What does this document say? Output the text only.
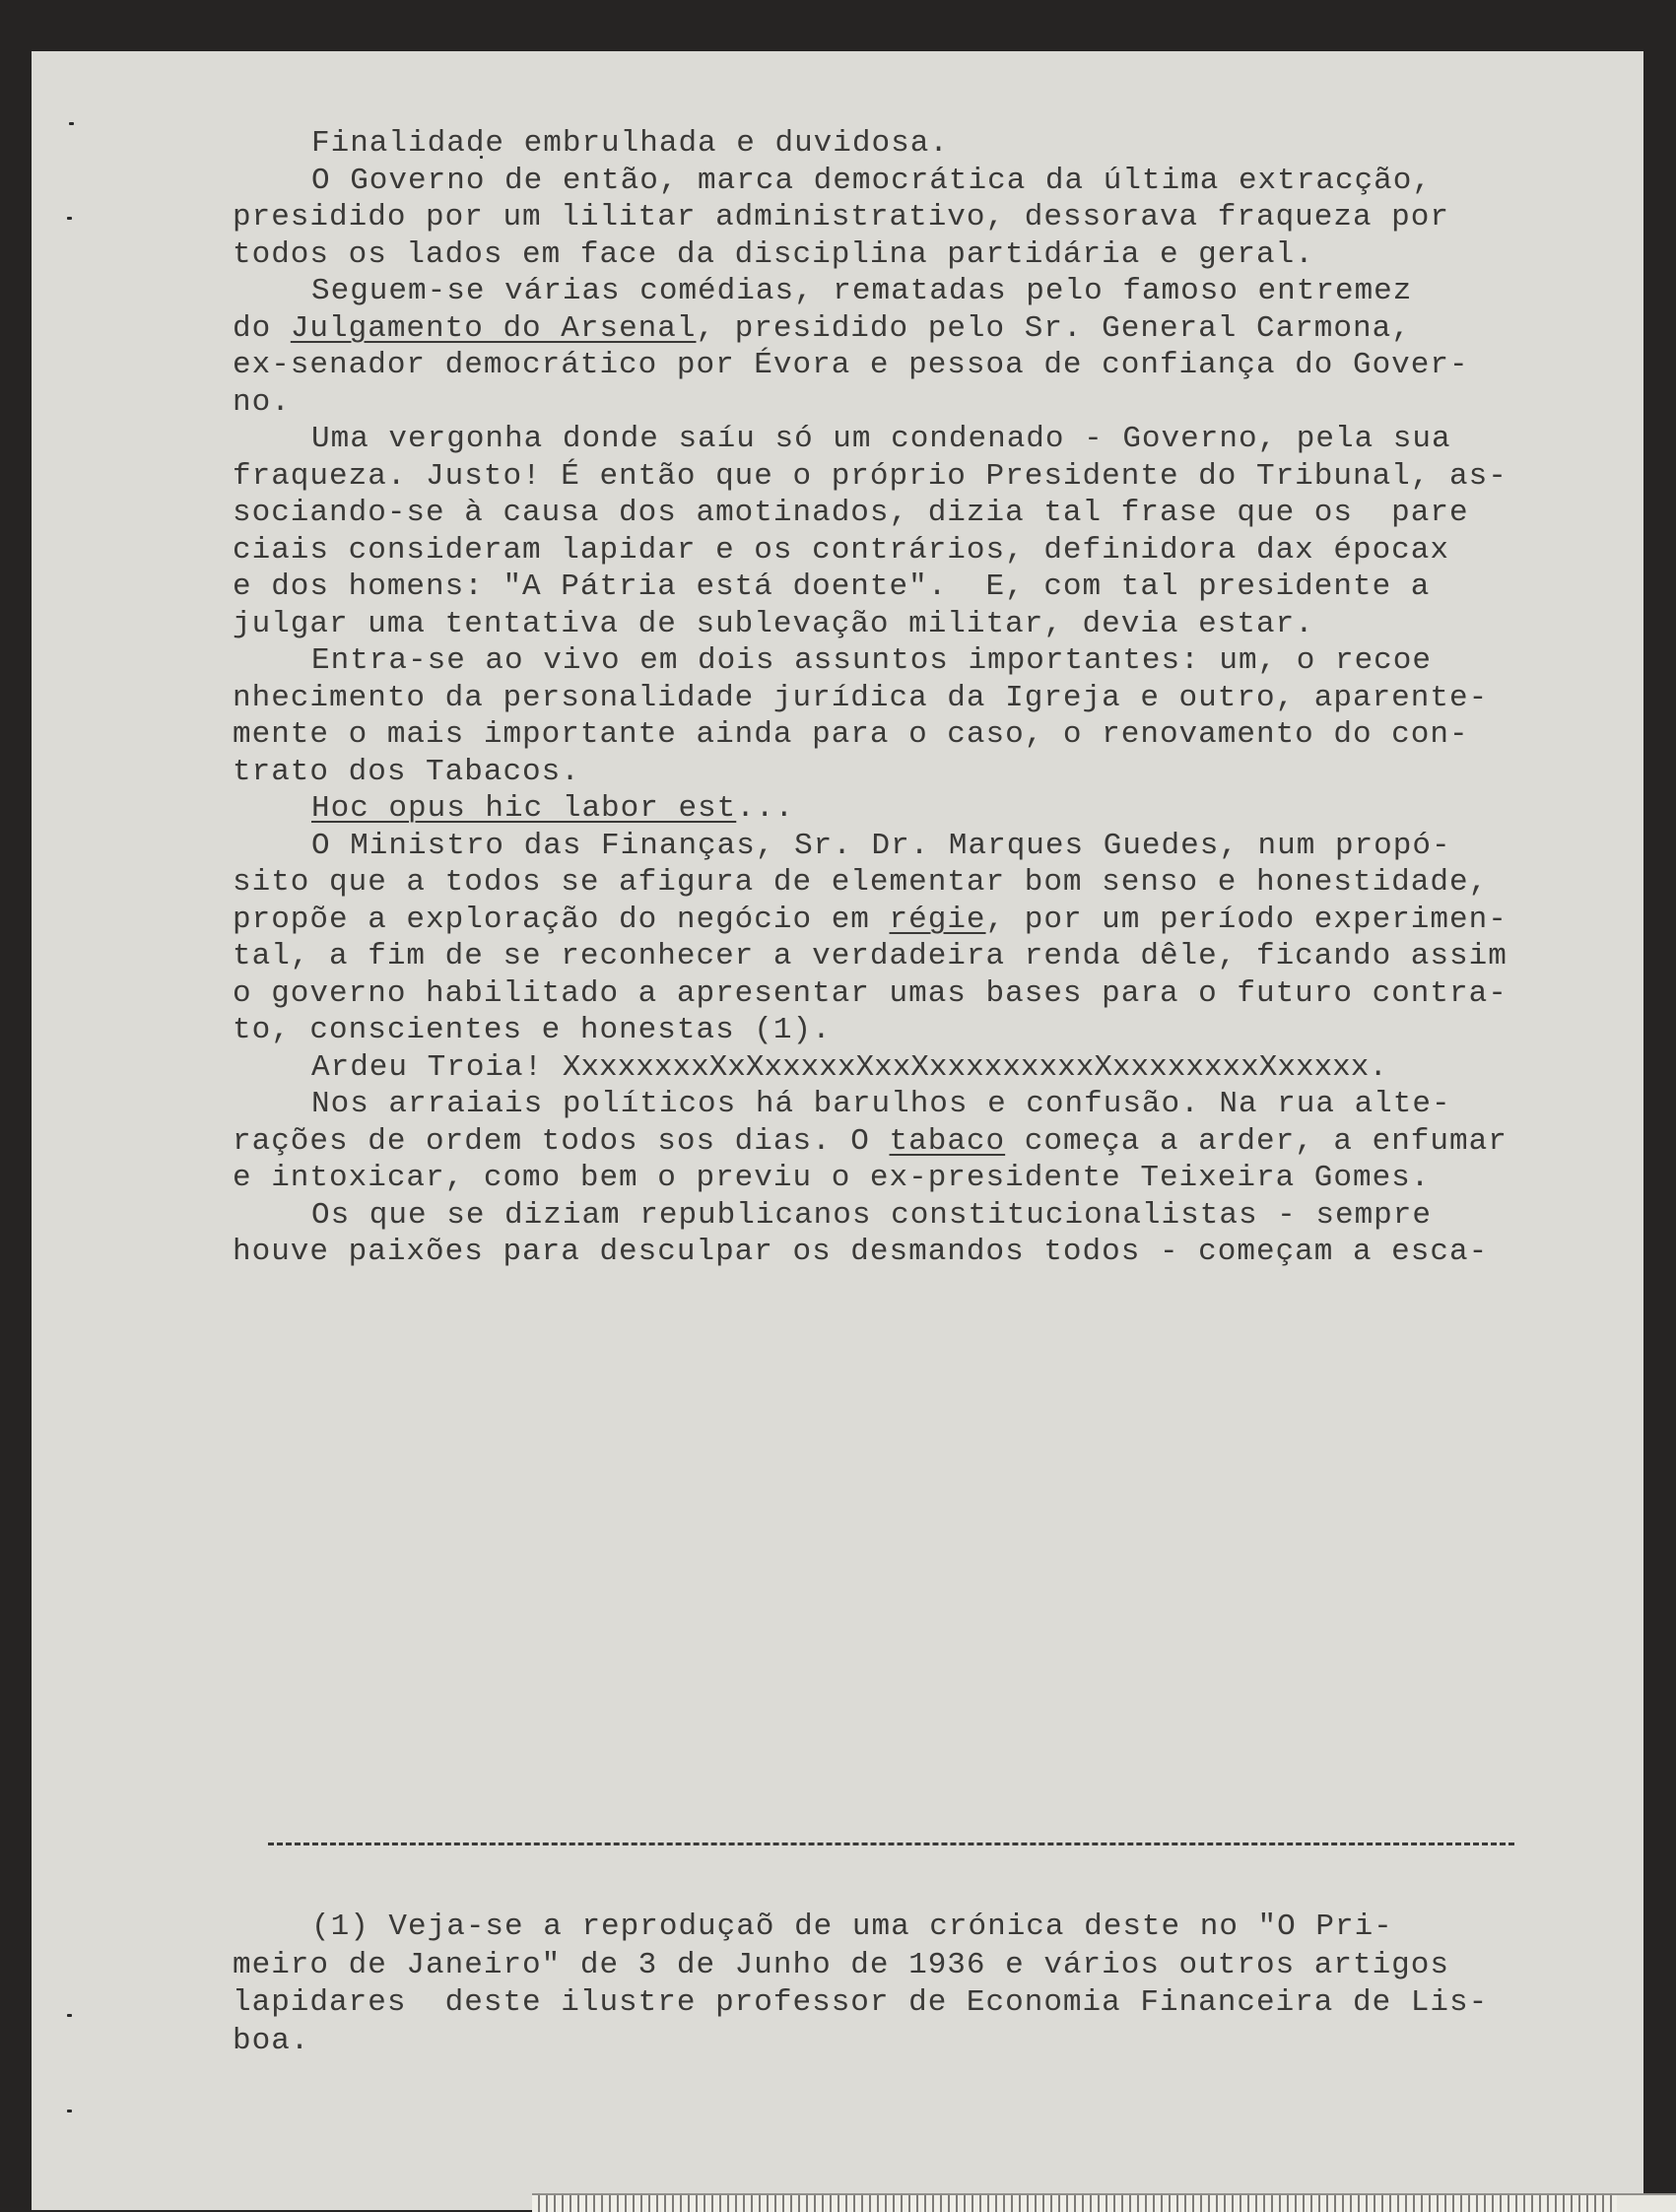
Finalidade embrulhada e duvidosa.
O Governo de então, marca democrática da última extracção,
presidido por um lilitar administrativo, dessorava fraqueza por
todos os lados em face da disciplina partidária e geral.
Seguem-se várias comédias, rematadas pelo famoso entremez
do Julgamento do Arsenal, presidido pelo Sr. General Carmona,
ex-senador democrático por Évora e pessoa de confiança do Gover-
no.
Uma vergonha donde saíu só um condenado - Governo, pela sua
fraqueza. Justo! É então que o próprio Presidente do Tribunal, as-
sociando-se à causa dos amotinados, dizia tal frase que os  pare
ciais consideram lapidar e os contrários, definidora dax épocax
e dos homens: "A Pátria está doente".  E, com tal presidente a
julgar uma tentativa de sublevação militar, devia estar.
Entra-se ao vivo em dois assuntos importantes: um, o recoe
nhecimento da personalidade jurídica da Igreja e outro, aparente-
mente o mais importante ainda para o caso, o renovamento do con-
trato dos Tabacos.
Hoc opus hic labor est...
O Ministro das Finanças, Sr. Dr. Marques Guedes, num propó-
sito que a todos se afigura de elementar bom senso e honestidade,
propõe a exploração do negócio em régie, por um período experimen-
tal, a fim de se reconhecer a verdadeira renda dêle, ficando assim
o governo habilitado a apresentar umas bases para o futuro contra-
to, conscientes e honestas (1).
Ardeu Troia! XxxxxxxxXxXxxxxxXxxXxxxxxxxxxXxxxxxxxxXxxxxx.
Nos arraiais políticos há barulhos e confusão. Na rua alte-
rações de ordem todos sos dias. O tabaco começa a arder, a enfumar
e intoxicar, como bem o previu o ex-presidente Teixeira Gomes.
Os que se diziam republicanos constitucionalistas - sempre
houve paixões para desculpar os desmandos todos - começam a esca-
(1) Veja-se a reproduçaõ de uma crónica deste no "O Pri-
meiro de Janeiro" de 3 de Junho de 1936 e vários outros artigos
lapidares  deste ilustre professor de Economia Financeira de Lis-
boa.
